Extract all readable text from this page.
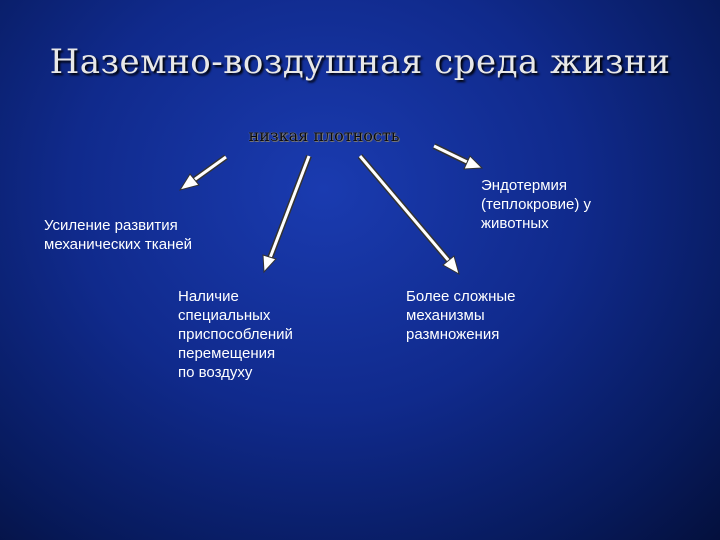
Наземно-воздушная среда жизни
низкая плотность
Усиление развития
механических тканей
Наличие
специальных
приспособлений
перемещения
по воздуху
Более сложные
механизмы
размножения
Эндотермия
(теплокровие) у
животных
